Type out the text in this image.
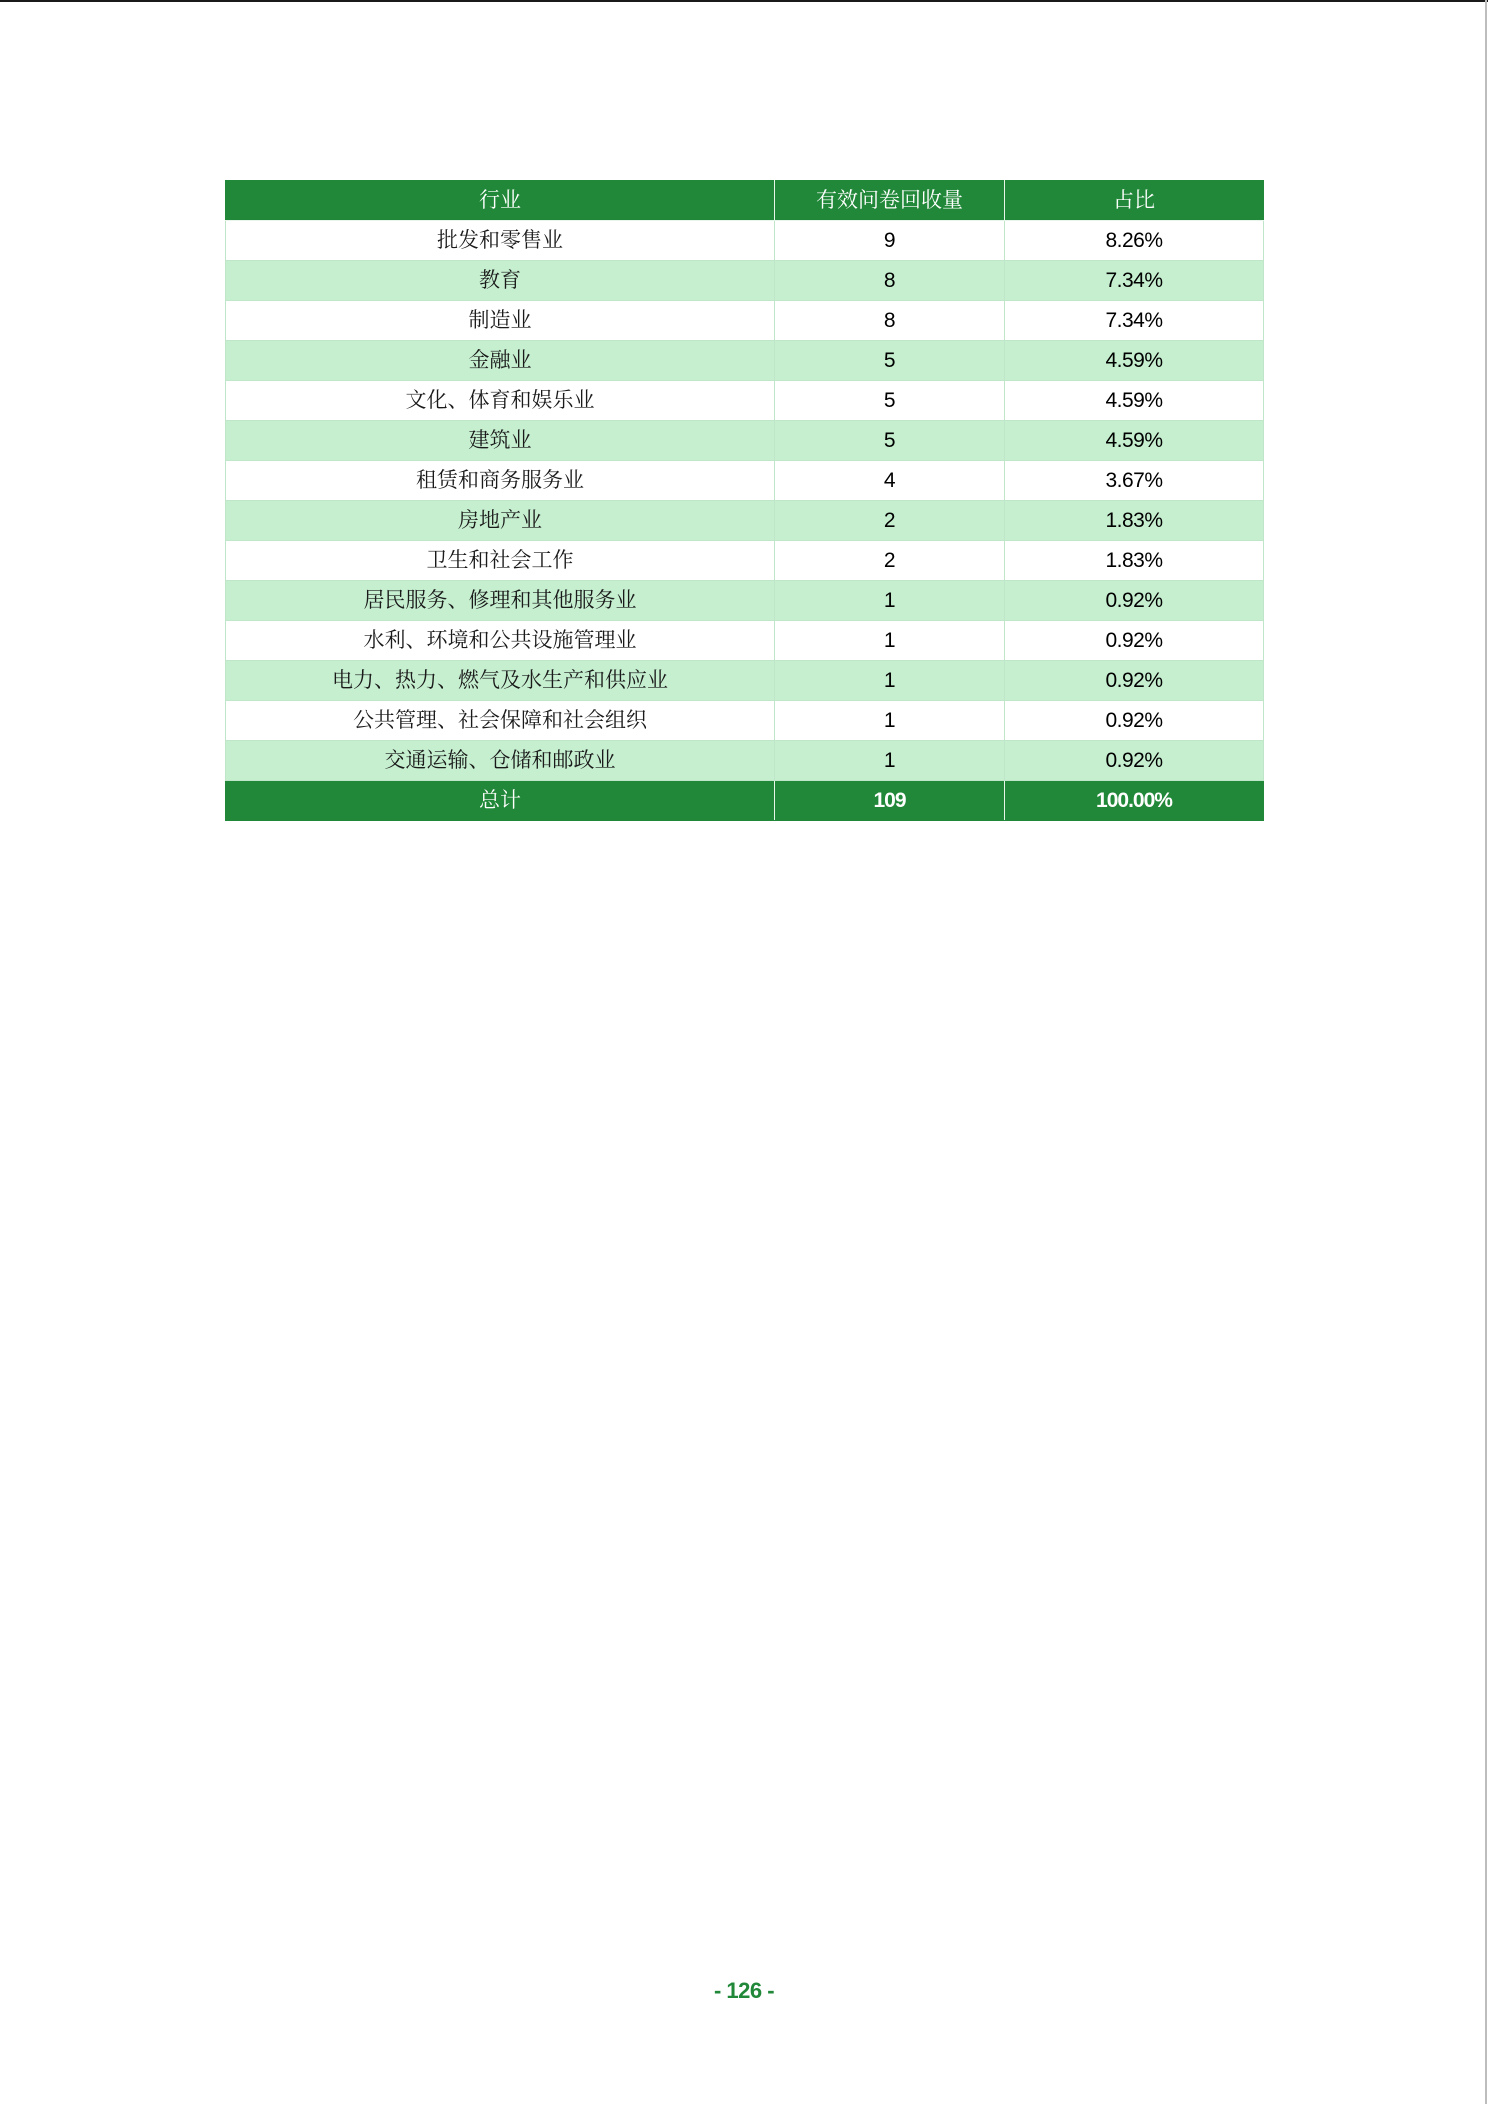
行业	有效问卷回收量	占比
批发和零售业	9	8.26%
教育	8	7.34%
制造业	8	7.34%
金融业	5	4.59%
文化、体育和娱乐业	5	4.59%
建筑业	5	4.59%
租赁和商务服务业	4	3.67%
房地产业	2	1.83%
卫生和社会工作	2	1.83%
居民服务、修理和其他服务业	1	0.92%
水利、环境和公共设施管理业	1	0.92%
电力、热力、燃气及水生产和供应业	1	0.92%
公共管理、社会保障和社会组织	1	0.92%
交通运输、仓储和邮政业	1	0.92%
总计	109	100.00%
- 126 -
